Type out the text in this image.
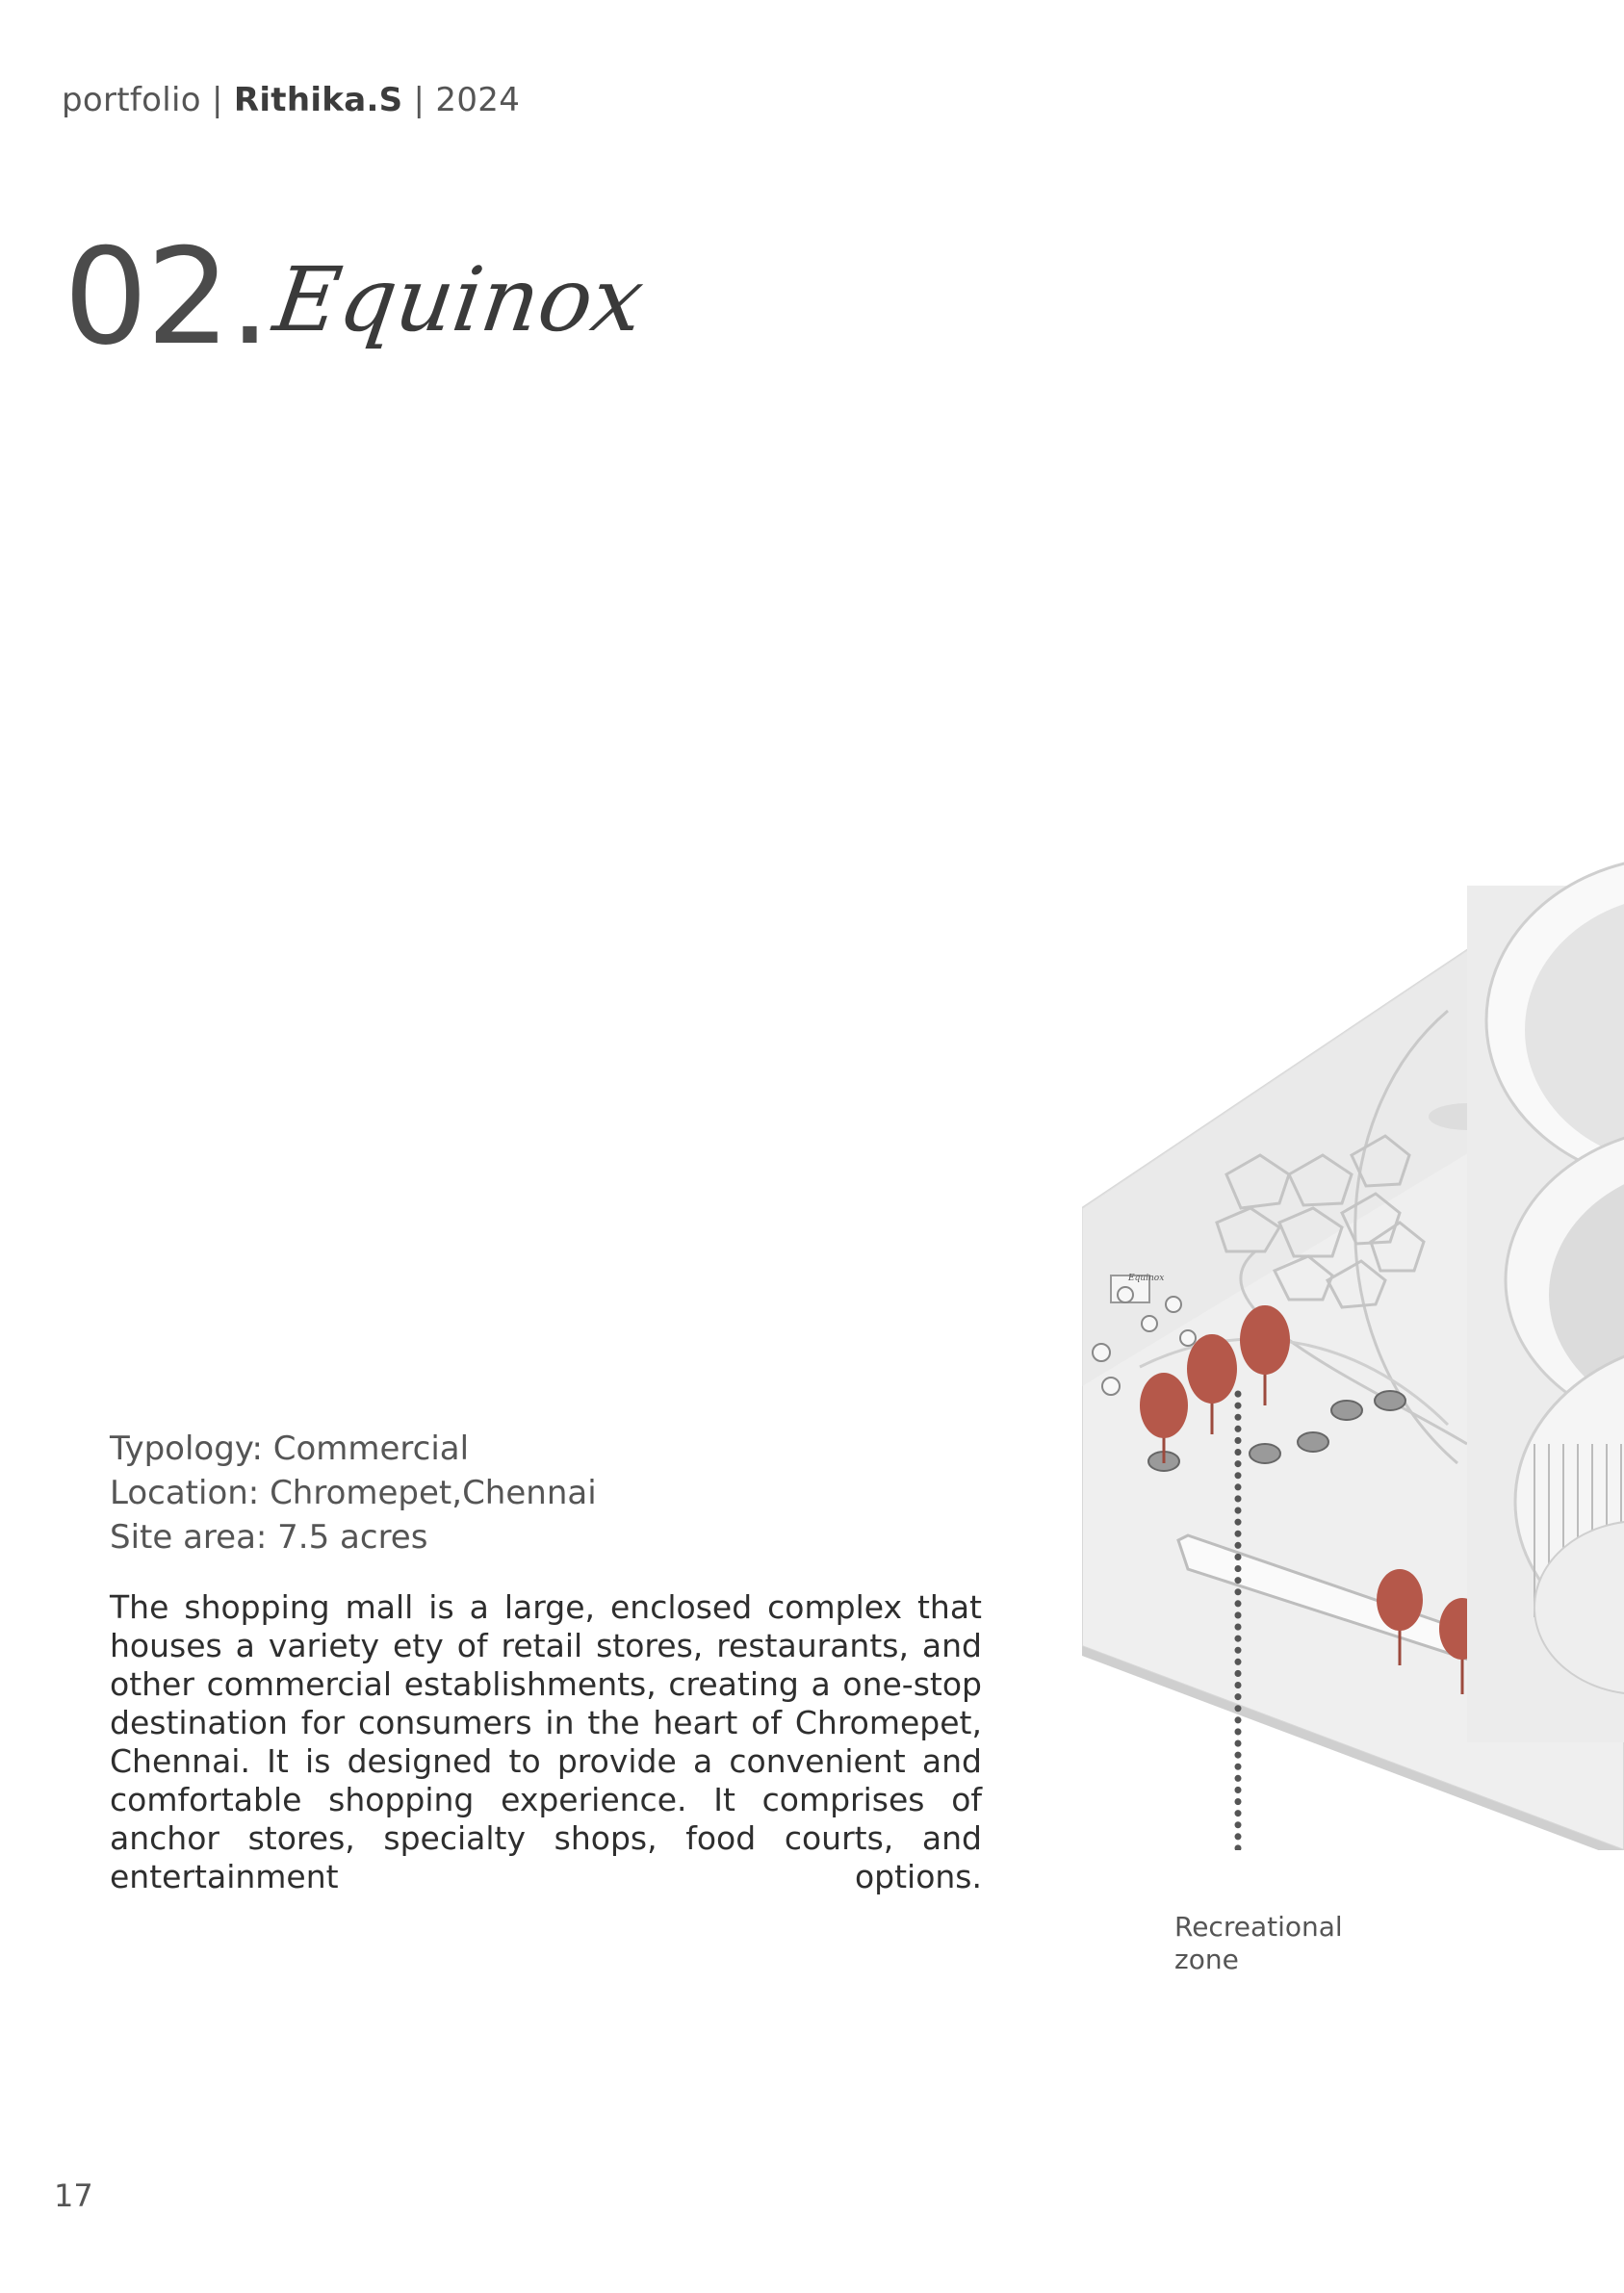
portfolio | Rithika.S | 2024
02. Equinox
Typology: Commercial
Location: Chromepet,Chennai
Site area: 7.5 acres
The shopping mall is a large, enclosed complex that houses a variety ety of retail stores, restaurants, and other commercial establishments, creating a one-stop destination for consumers in the heart of Chromepet, Chennai. It is designed to provide a convenient and comfortable shopping experience. It comprises of anchor stores, specialty shops, food courts, and entertainment options.
Equinox
Recreational
zone
17
